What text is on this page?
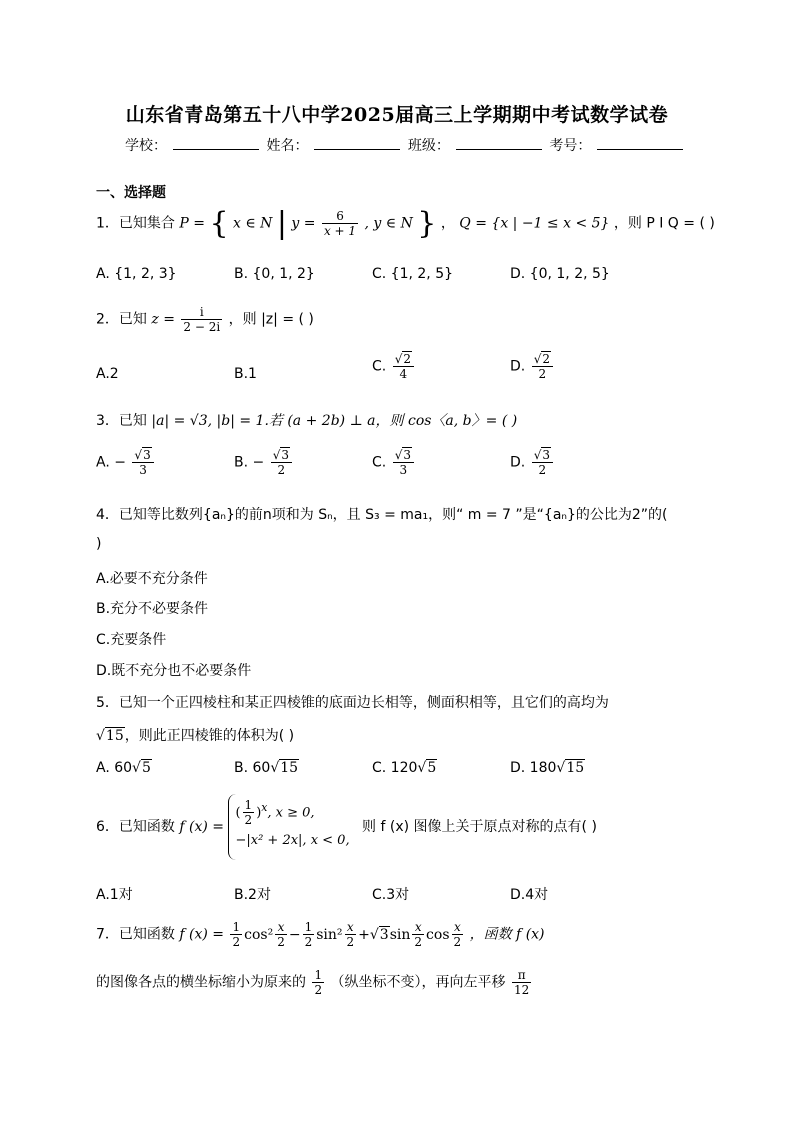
山东省青岛第五十八中学2025届高三上学期期中考试数学试卷
学校：	姓名：	班级：	考号：
一、选择题
1．已知集合 P = { x ∈ N | $y = \frac{6}{x + 1}$ , y ∈ N } ， Q = {x | −1 ≤ x < 5} ，则 P I Q = ( )
A. {1, 2, 3}	B. {0, 1, 2}	C. {1, 2, 5}	D. {0, 1, 2, 5}
2．已知 $z = \frac{i}{2 - 2i}$ ，则 |z| = ( )
A.2	B.1	C. $\frac{√2}{4}$	D. $\frac{√2}{2}$
3．已知 |a| = √3, |b| = 1.若 (a + 2b) ⊥ a，则 cos〈a, b〉= ( )
A. − $\frac{√3}{3}$	B. − $\frac{√3}{2}$	C. $\frac{√3}{3}$	D. $\frac{√3}{2}$
4．已知等比数列{aₙ}的前n项和为 Sₙ，且 S₃ = ma₁，则“ m = 7 ”是“{aₙ}的公比为2”的(
)
A.必要不充分条件
B.充分不必要条件
C.充要条件
D.既不充分也不必要条件
5．已知一个正四棱柱和某正四棱锥的底面边长相等，侧面积相等，且它们的高均为
√15，则此正四棱锥的体积为( )
A. 60√5	B. 60√15	C. 120√5	D. 180√15
6．已知函数 f (x) =
( $\frac{1}{2} )^x$, x ≥ 0,
−|x² + 2x|, x < 0,
则 f (x) 图像上关于原点对称的点有( )
A.1对	B.2对	C.3对	D.4对
7．已知函数 f $(x) = \frac{1}{2} \cos^2 \frac{x}{2} - \frac{1}{2} \sin^2 \frac{x}{2} +√3\sin \frac{x}{2}$ $\cos \frac{x}{2}$ ，函数 f (x)
的图像各点的横坐标缩小为原来的 $\frac{1}{2}$ （纵坐标不变），再向左平移 $\frac{\pi}{12}$
